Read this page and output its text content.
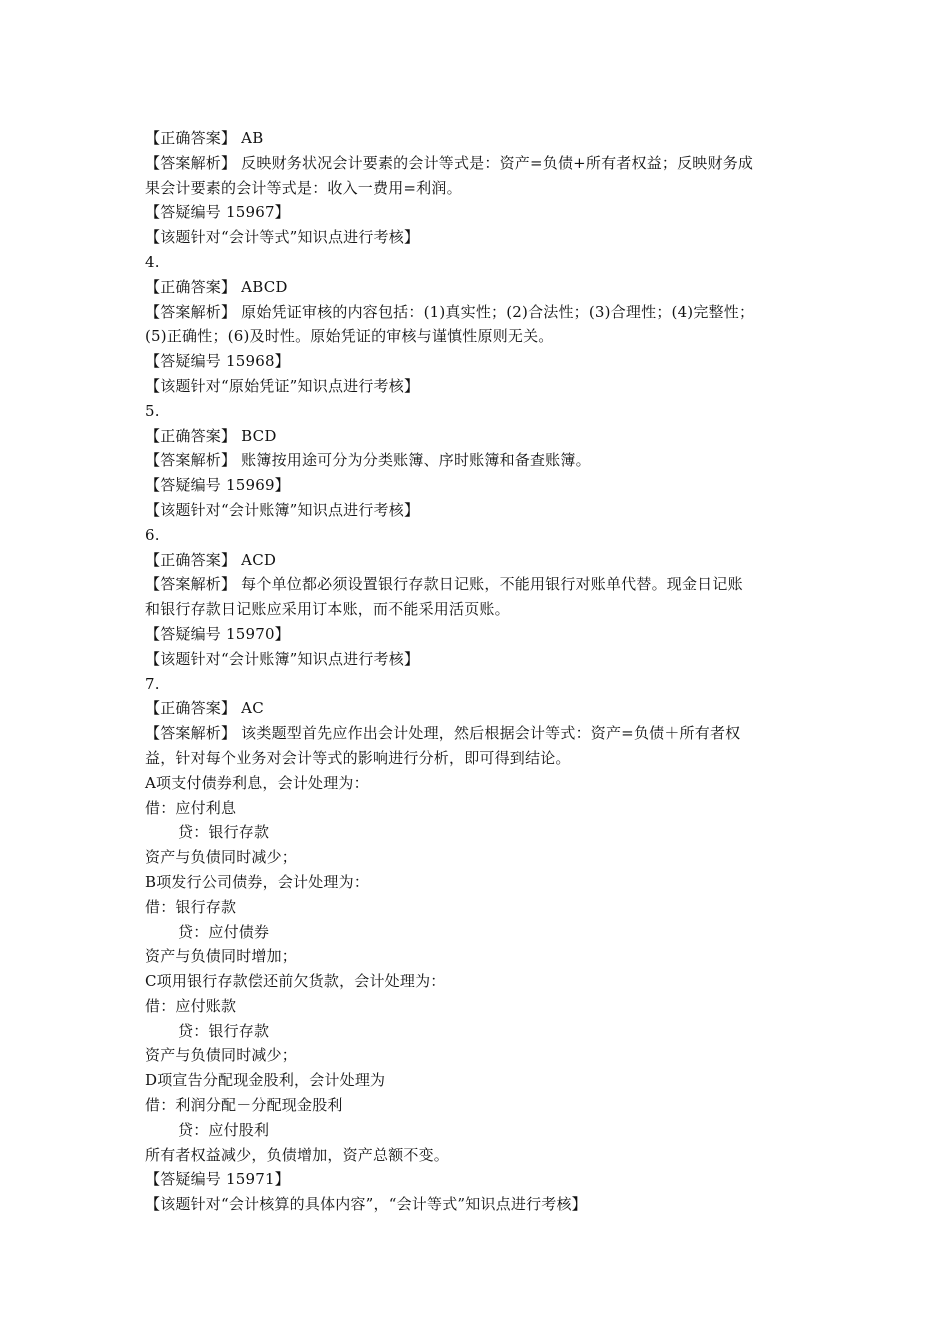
【正确答案】 AB
【答案解析】 反映财务状况会计要素的会计等式是：资产=负债+所有者权益；反映财务成
果会计要素的会计等式是：收入一费用=利润。
【答疑编号 15967】
【该题针对“会计等式”知识点进行考核】
4.
【正确答案】 ABCD
【答案解析】 原始凭证审核的内容包括：(1)真实性；(2)合法性；(3)合理性；(4)完整性；
(5)正确性；(6)及时性。原始凭证的审核与谨慎性原则无关。
【答疑编号 15968】
【该题针对“原始凭证”知识点进行考核】
5.
【正确答案】 BCD
【答案解析】 账簿按用途可分为分类账簿、序时账簿和备查账簿。
【答疑编号 15969】
【该题针对“会计账簿”知识点进行考核】
6.
【正确答案】 ACD
【答案解析】 每个单位都必须设置银行存款日记账，不能用银行对账单代替。现金日记账
和银行存款日记账应采用订本账，而不能采用活页账。
【答疑编号 15970】
【该题针对“会计账簿”知识点进行考核】
7.
【正确答案】 AC
【答案解析】 该类题型首先应作出会计处理，然后根据会计等式：资产=负债＋所有者权
益，针对每个业务对会计等式的影响进行分析，即可得到结论。
A项支付债券利息，会计处理为：
借：应付利息
贷：银行存款
资产与负债同时减少；
B项发行公司债券，会计处理为：
借：银行存款
贷：应付债券
资产与负债同时增加；
C项用银行存款偿还前欠货款，会计处理为：
借：应付账款
贷：银行存款
资产与负债同时减少；
D项宣告分配现金股利，会计处理为
借：利润分配－分配现金股利
贷：应付股利
所有者权益减少，负债增加，资产总额不变。
【答疑编号 15971】
【该题针对“会计核算的具体内容”，“会计等式”知识点进行考核】
